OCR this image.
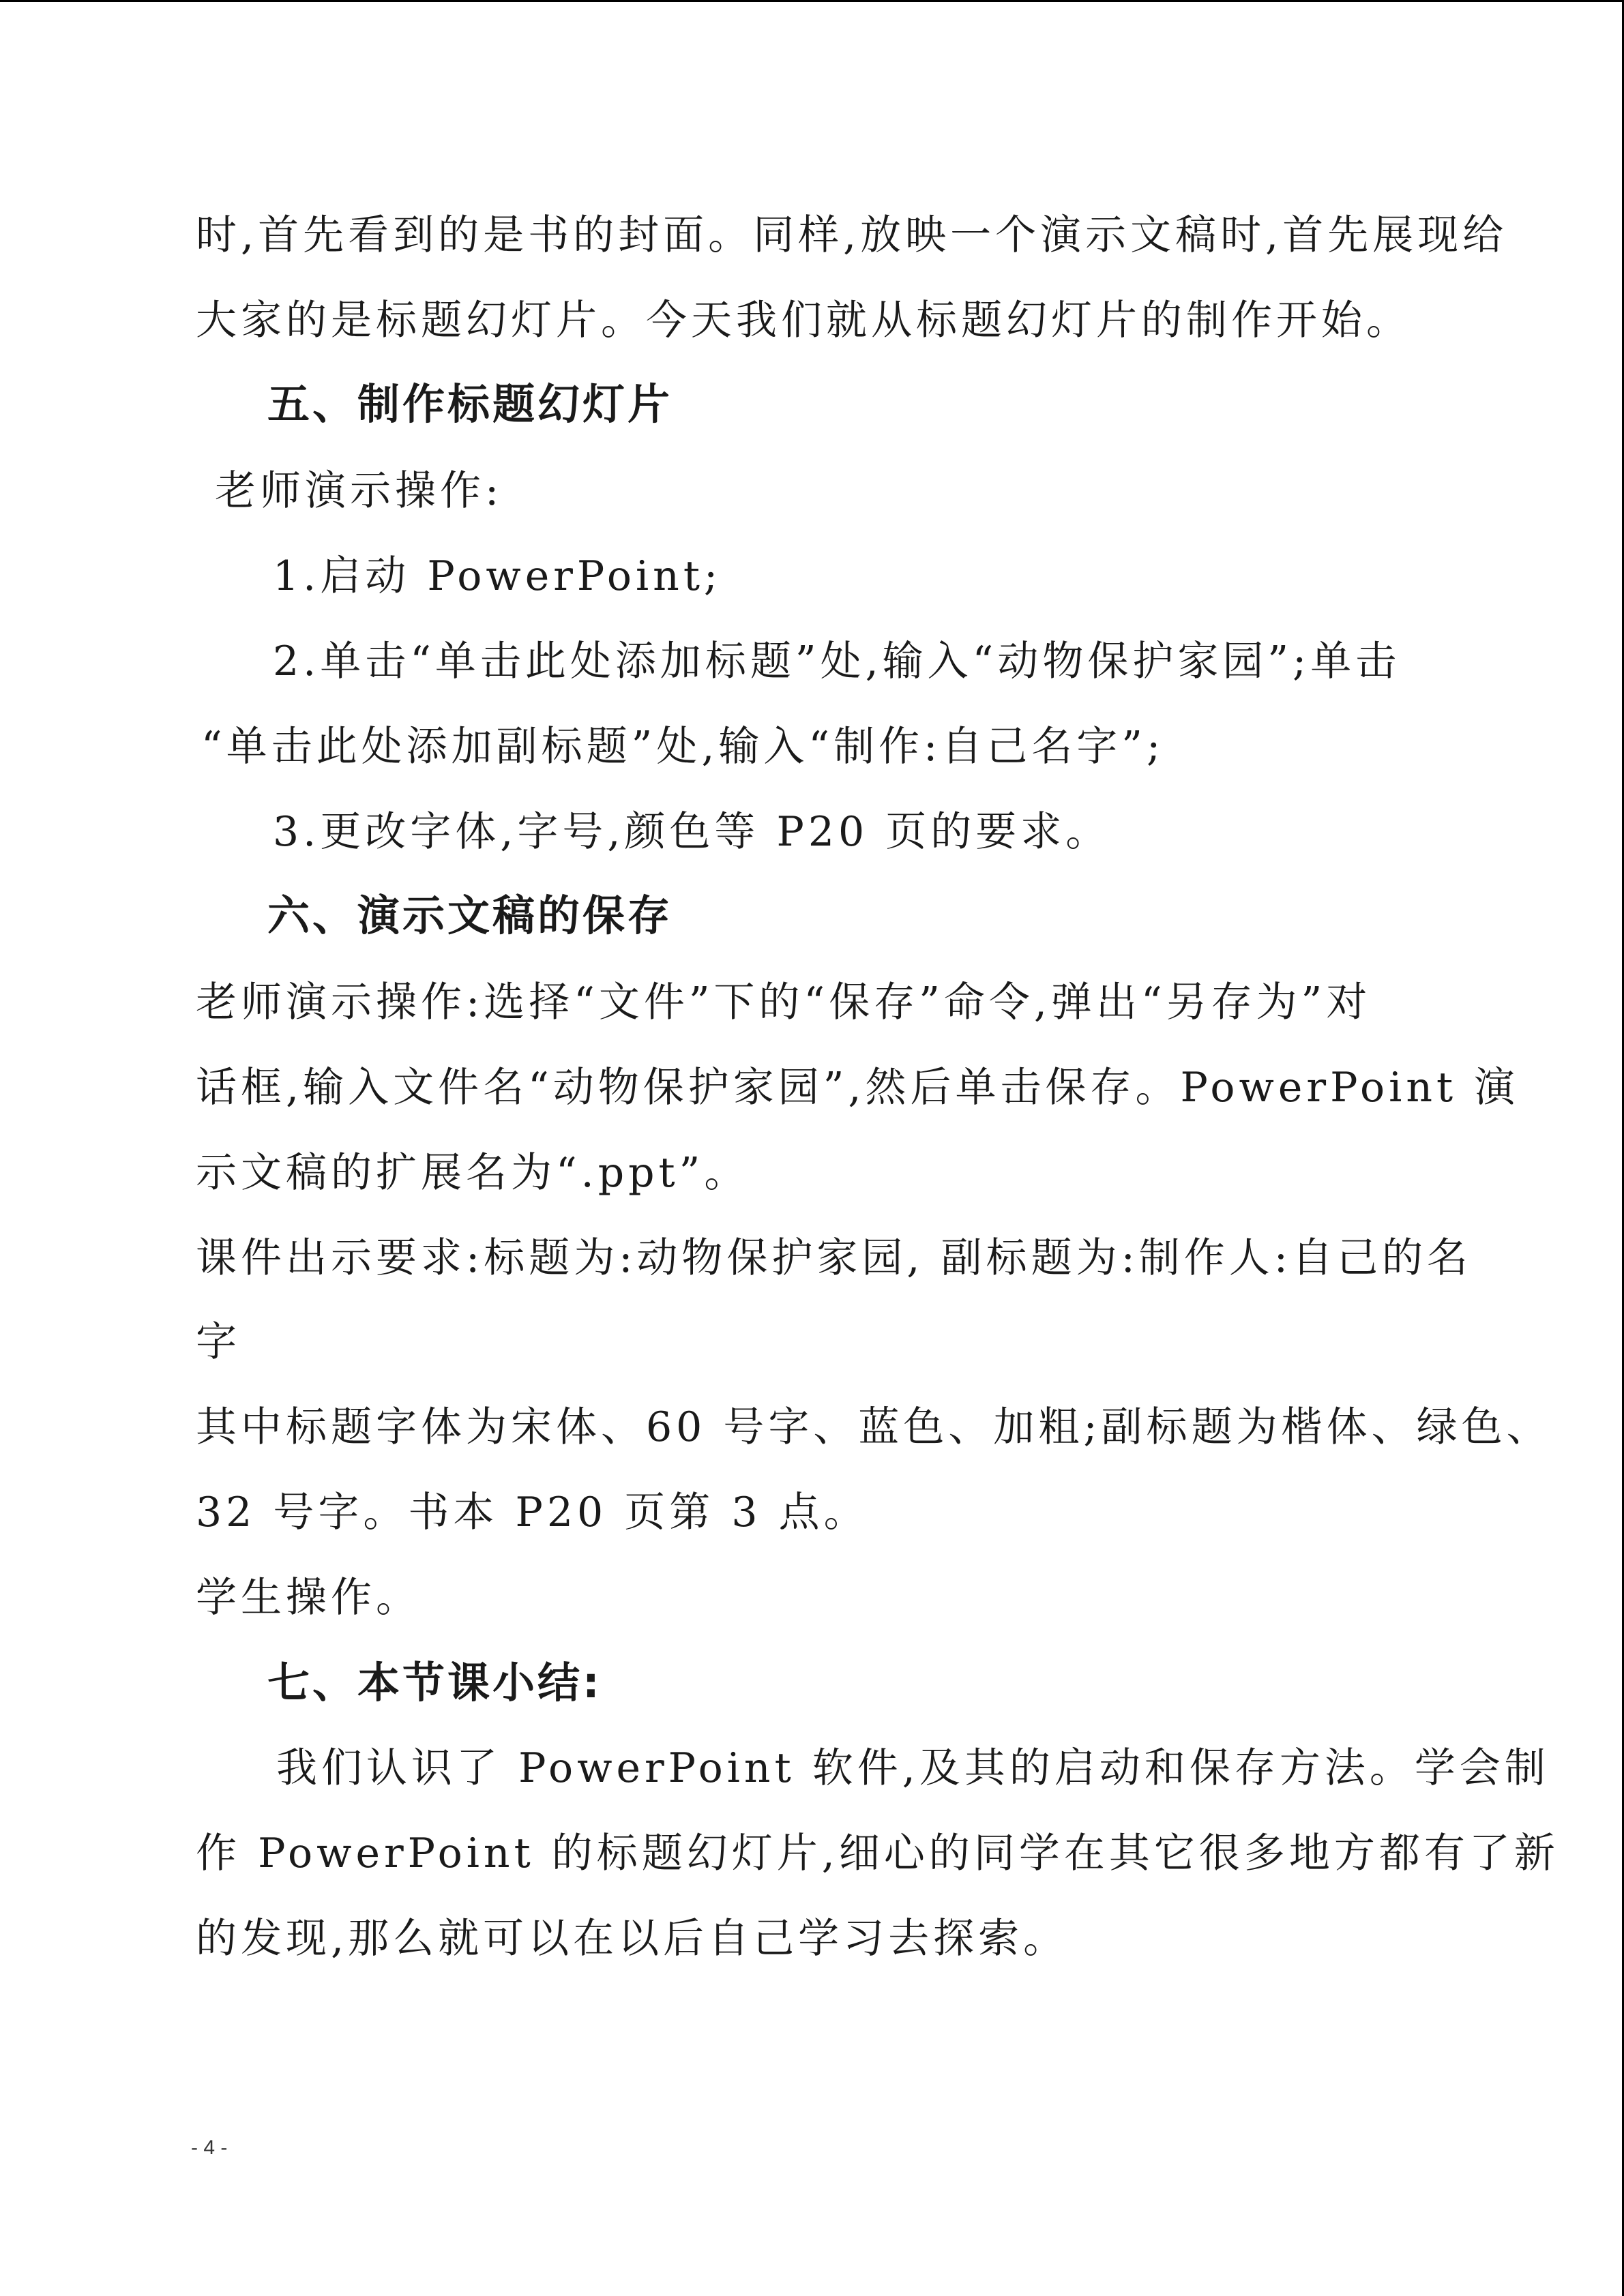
时,首先看到的是书的封面。同样,放映一个演示文稿时,首先展现给
大家的是标题幻灯片。今天我们就从标题幻灯片的制作开始。
五、制作标题幻灯片
老师演示操作:
1.启动 PowerPoint;
2.单击“单击此处添加标题”处,输入“动物保护家园”;单击
“单击此处添加副标题”处,输入“制作:自己名字”;
3.更改字体,字号,颜色等 P20 页的要求。
六、演示文稿的保存
老师演示操作:选择“文件”下的“保存”命令,弹出“另存为”对
话框,输入文件名“动物保护家园”,然后单击保存。PowerPoint 演
示文稿的扩展名为“.ppt”。
课件出示要求:标题为:动物保护家园, 副标题为:制作人:自己的名
字
其中标题字体为宋体、60 号字、蓝色、加粗;副标题为楷体、绿色、
32 号字。书本 P20 页第 3 点。
学生操作。
七、本节课小结:
我们认识了 PowerPoint 软件,及其的启动和保存方法。学会制
作 PowerPoint 的标题幻灯片,细心的同学在其它很多地方都有了新
的发现,那么就可以在以后自己学习去探索。
- 4 -
